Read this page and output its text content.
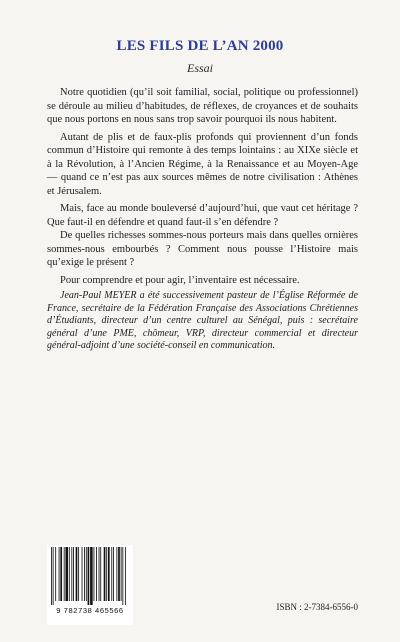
LES FILS DE L’AN 2000
Essai

Notre quotidien (qu’il soit familial, social, politique ou professionnel) se déroule au milieu d’habitudes, de réflexes, de croyances et de souhaits que nous portons en nous sans trop savoir pourquoi ils nous habitent.

Autant de plis et de faux-plis profonds qui proviennent d’un fonds commun d’Histoire qui remonte à des temps lointains : au XIXe siècle et à la Révolution, à l’Ancien Régime, à la Renaissance et au Moyen-Age — quand ce n’est pas aux sources mêmes de notre civilisation : Athènes et Jérusalem.

Mais, face au monde bouleversé d’aujourd’hui, que vaut cet héritage ? Que faut-il en défendre et quand faut-il s’en défendre ?

De quelles richesses sommes-nous porteurs mais dans quelles ornières sommes-nous embourbés ? Comment nous pousse l’Histoire mais qu’exige le présent ?

Pour comprendre et pour agir, l’inventaire est nécessaire.

Jean-Paul MEYER a été successivement pasteur de l’Église Réformée de France, secrétaire de la Fédération Française des Associations Chrétiennes d’Étudiants, directeur d’un centre culturel au Sénégal, puis : secrétaire général d’une PME, chômeur, VRP, directeur commercial et directeur général-adjoint d’une société-conseil en communication.

9 782738 465566	ISBN : 2-7384-6556-0
